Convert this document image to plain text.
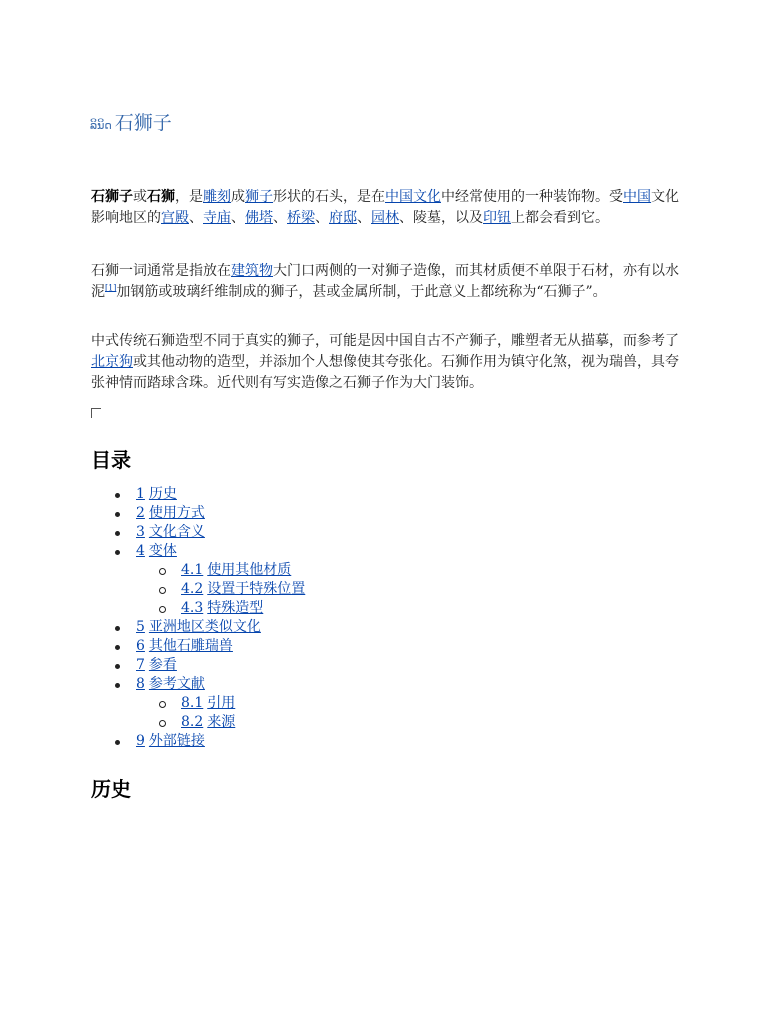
ລິນິດ 石狮子

石狮子或石狮，是雕刻成狮子形状的石头，是在中国文化中经常使用的一种装饰物。受中国文化影响地区的宫殿、寺庙、佛塔、桥梁、府邸、园林、陵墓，以及印钮上都会看到它。

石狮一词通常是指放在建筑物大门口两侧的一对狮子造像，而其材质便不单限于石材，亦有以水泥[1]加钢筋或玻璃纤维制成的狮子，甚或金属所制，于此意义上都统称为“石狮子”。

中式传统石狮造型不同于真实的狮子，可能是因中国自古不产狮子，雕塑者无从描摹，而参考了北京狗或其他动物的造型，并添加个人想像使其夸张化。石狮作用为镇守化煞，视为瑞兽，具夸张神情而踏球含珠。近代则有写实造像之石狮子作为大门装饰。

目录
1 历史
2 使用方式
3 文化含义
4 变体
4.1 使用其他材质
4.2 设置于特殊位置
4.3 特殊造型
5 亚洲地区类似文化
6 其他石雕瑞兽
7 参看
8 参考文献
8.1 引用
8.2 来源
9 外部链接
历史
